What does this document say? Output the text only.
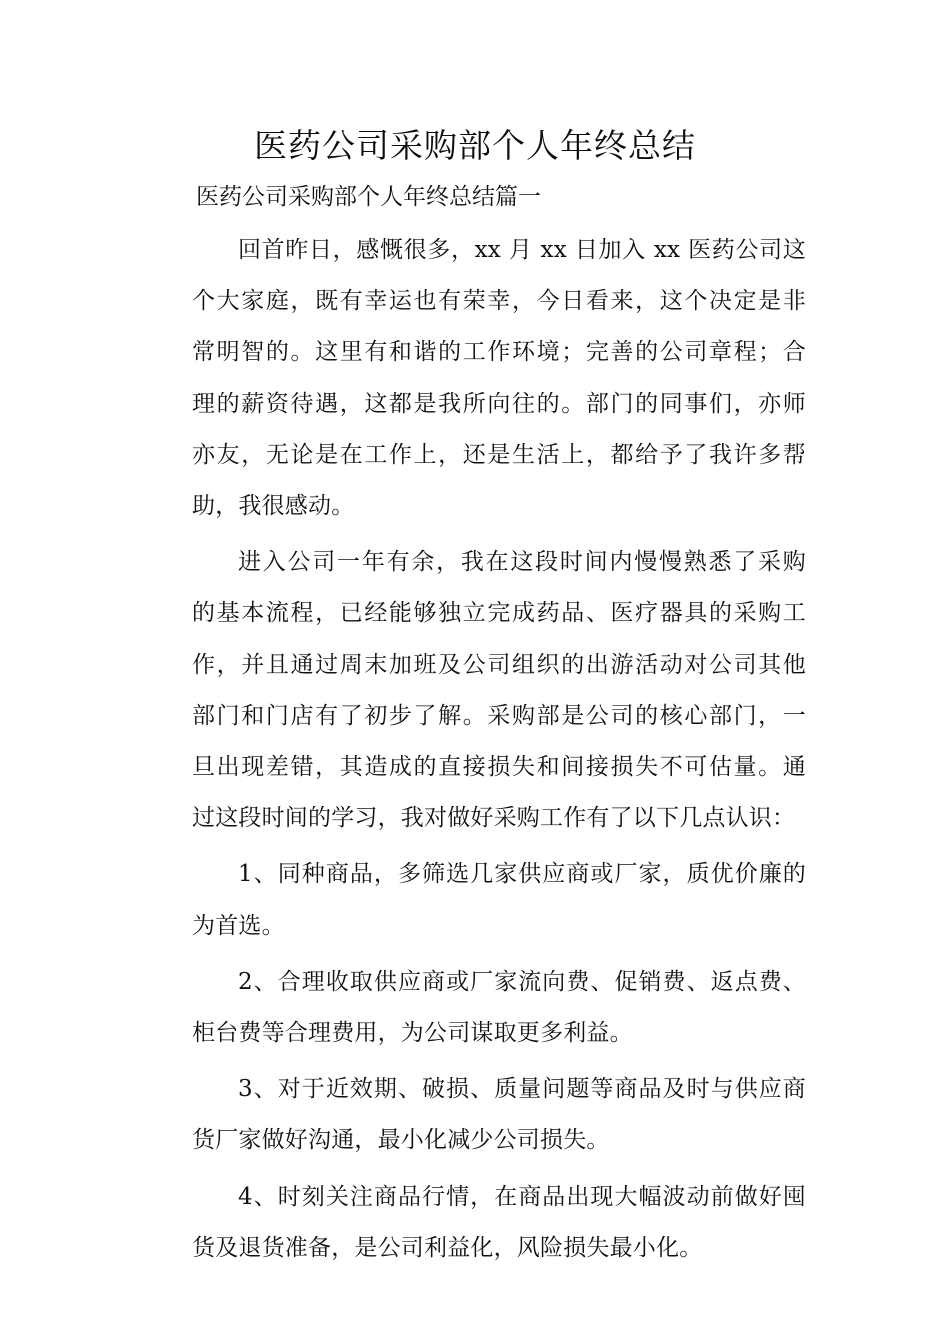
医药公司采购部个人年终总结
医药公司采购部个人年终总结篇一
回首昨日，感慨很多，xx 月 xx 日加入 xx 医药公司这
个大家庭，既有幸运也有荣幸，今日看来，这个决定是非
常明智的。这里有和谐的工作环境；完善的公司章程；合
理的薪资待遇，这都是我所向往的。部门的同事们，亦师
亦友，无论是在工作上，还是生活上，都给予了我许多帮
助，我很感动。
进入公司一年有余，我在这段时间内慢慢熟悉了采购
的基本流程，已经能够独立完成药品、医疗器具的采购工
作，并且通过周末加班及公司组织的出游活动对公司其他
部门和门店有了初步了解。采购部是公司的核心部门，一
旦出现差错，其造成的直接损失和间接损失不可估量。通
过这段时间的学习，我对做好采购工作有了以下几点认识：
1、同种商品，多筛选几家供应商或厂家，质优价廉的
为首选。
2、合理收取供应商或厂家流向费、促销费、返点费、
柜台费等合理费用，为公司谋取更多利益。
3、对于近效期、破损、质量问题等商品及时与供应商
货厂家做好沟通，最小化减少公司损失。
4、时刻关注商品行情，在商品出现大幅波动前做好囤
货及退货准备，是公司利益化，风险损失最小化。
